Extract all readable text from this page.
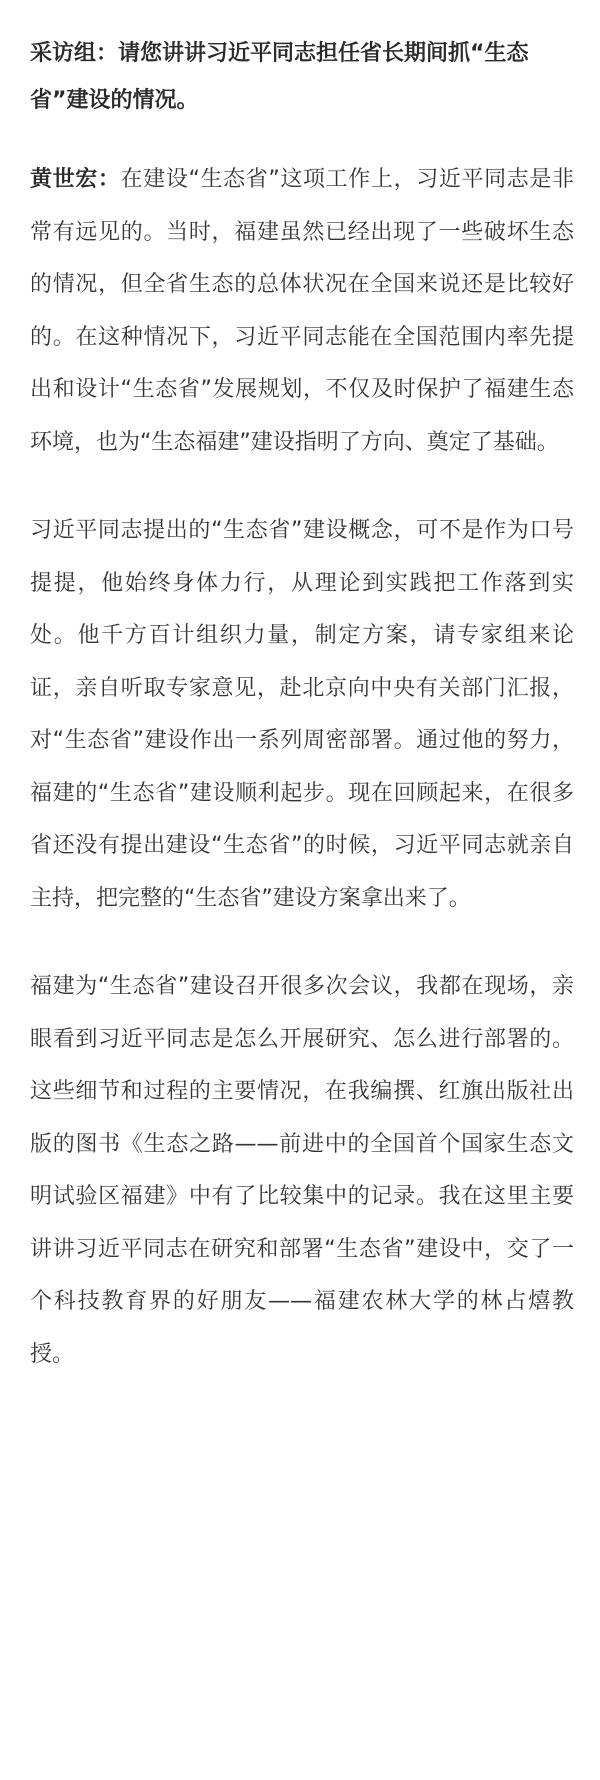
采访组：请您讲讲习近平同志担任省长期间抓“生态省”建设的情况。

黄世宏：在建设“生态省”这项工作上，习近平同志是非常有远见的。当时，福建虽然已经出现了一些破坏生态的情况，但全省生态的总体状况在全国来说还是比较好的。在这种情况下，习近平同志能在全国范围内率先提出和设计“生态省”发展规划，不仅及时保护了福建生态环境，也为“生态福建”建设指明了方向、奠定了基础。

习近平同志提出的“生态省”建设概念，可不是作为口号提提，他始终身体力行，从理论到实践把工作落到实处。他千方百计组织力量，制定方案，请专家组来论证，亲自听取专家意见，赴北京向中央有关部门汇报，对“生态省”建设作出一系列周密部署。通过他的努力，福建的“生态省”建设顺利起步。现在回顾起来，在很多省还没有提出建设“生态省”的时候，习近平同志就亲自主持，把完整的“生态省”建设方案拿出来了。

福建为“生态省”建设召开很多次会议，我都在现场，亲眼看到习近平同志是怎么开展研究、怎么进行部署的。这些细节和过程的主要情况，在我编撰、红旗出版社出版的图书《生态之路——前进中的全国首个国家生态文明试验区福建》中有了比较集中的记录。我在这里主要讲讲习近平同志在研究和部署“生态省”建设中，交了一个科技教育界的好朋友——福建农林大学的林占熺教授。
